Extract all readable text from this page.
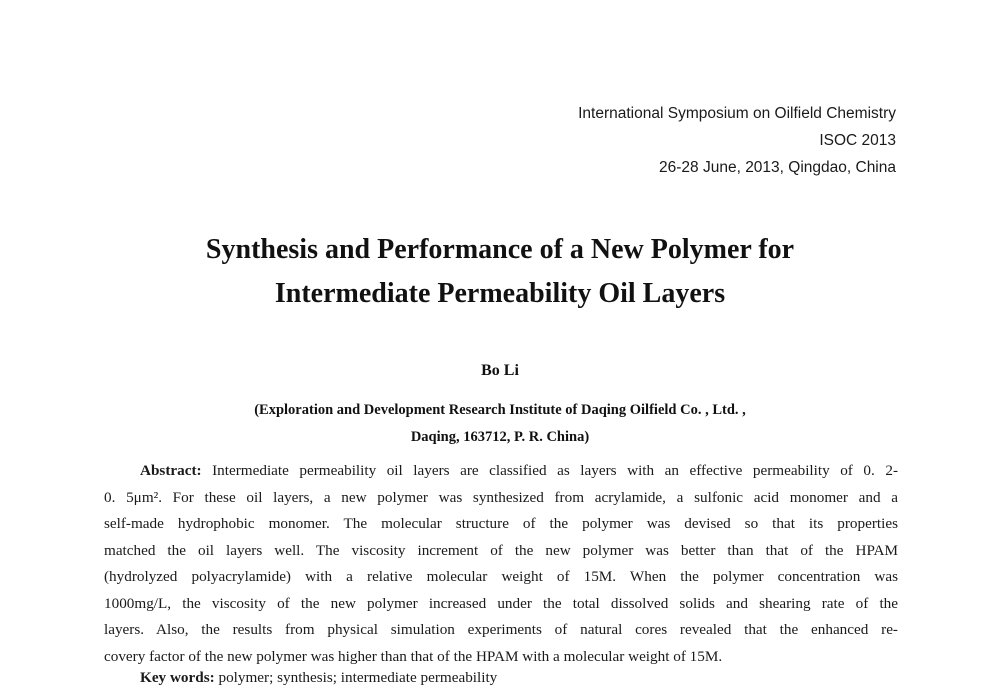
International Symposium on Oilfield Chemistry
ISOC 2013
26-28 June, 2013, Qingdao, China
Synthesis and Performance of a New Polymer for
Intermediate Permeability Oil Layers
Bo Li
(Exploration and Development Research Institute of Daqing Oilfield Co. , Ltd. ,
Daqing, 163712, P. R. China)
Abstract: Intermediate permeability oil layers are classified as layers with an effective permeability of 0. 2-
0. 5μm². For these oil layers, a new polymer was synthesized from acrylamide, a sulfonic acid monomer and a
self-made hydrophobic monomer. The molecular structure of the polymer was devised so that its properties
matched the oil layers well. The viscosity increment of the new polymer was better than that of the HPAM
(hydrolyzed polyacrylamide) with a relative molecular weight of 15M. When the polymer concentration was
1000mg/L, the viscosity of the new polymer increased under the total dissolved solids and shearing rate of the
layers. Also, the results from physical simulation experiments of natural cores revealed that the enhanced re-
covery factor of the new polymer was higher than that of the HPAM with a molecular weight of 15M.
Key words: polymer; synthesis; intermediate permeability
